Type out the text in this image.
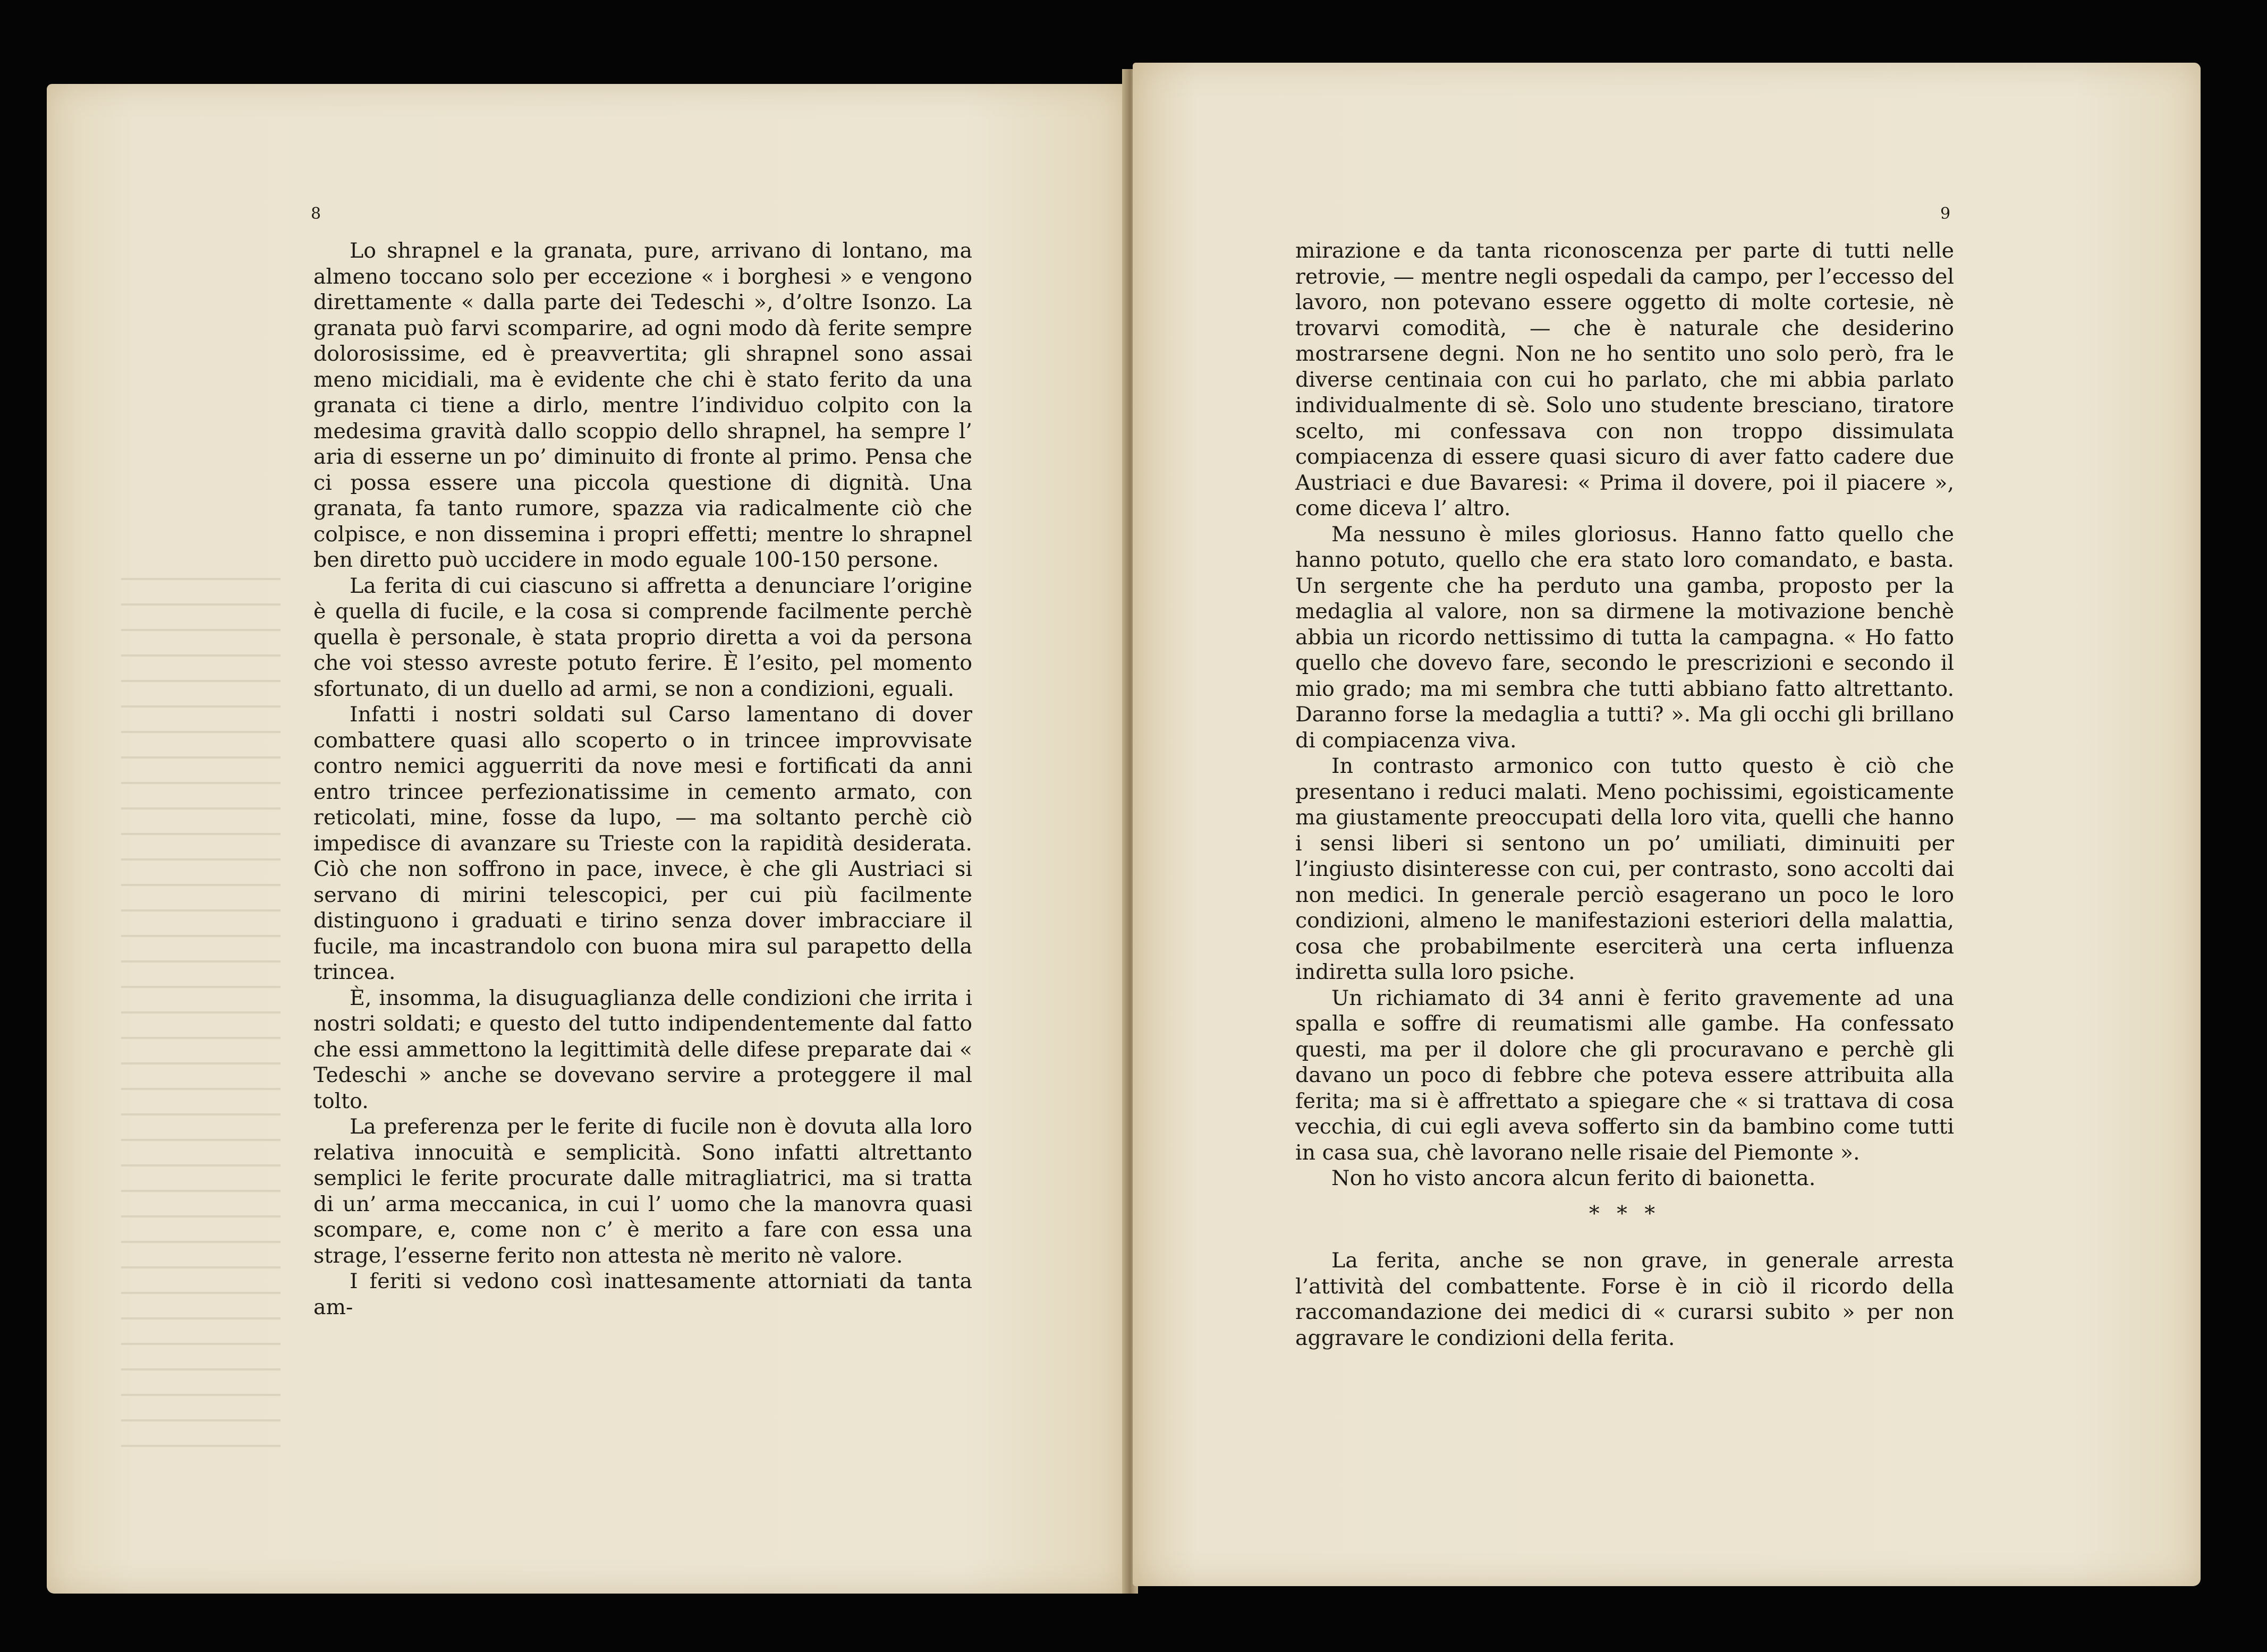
8	9

Lo shrapnel e la granata, pure, arrivano di lontano, ma almeno toccano solo per eccezione « i borghesi » e vengono direttamente « dalla parte dei Tedeschi », d’oltre Isonzo. La granata può farvi scomparire, ad ogni modo dà ferite sempre dolorosissime, ed è preavvertita; gli shrapnel sono assai meno micidiali, ma è evidente che chi è stato ferito da una granata ci tiene a dirlo, mentre l’individuo colpito con la medesima gravità dallo scoppio dello shrapnel, ha sempre l’ aria di esserne un po’ diminuito di fronte al primo. Pensa che ci possa essere una piccola questione di dignità. Una granata, fa tanto rumore, spazza via radicalmente ciò che colpisce, e non dissemina i propri effetti; mentre lo shrapnel ben diretto può uccidere in modo eguale 100-150 persone.

La ferita di cui ciascuno si affretta a denunciare l’origine è quella di fucile, e la cosa si comprende facilmente perchè quella è personale, è stata proprio diretta a voi da persona che voi stesso avreste potuto ferire. È l’esito, pel momento sfortunato, di un duello ad armi, se non a condizioni, eguali.

Infatti i nostri soldati sul Carso lamentano di dover combattere quasi allo scoperto o in trincee improvvisate contro nemici agguerriti da nove mesi e fortificati da anni entro trincee perfezionatissime in cemento armato, con reticolati, mine, fosse da lupo, — ma soltanto perchè ciò impedisce di avanzare su Trieste con la rapidità desiderata. Ciò che non soffrono in pace, invece, è che gli Austriaci si servano di mirini telescopici, per cui più facilmente distinguono i graduati e tirino senza dover imbracciare il fucile, ma incastrandolo con buona mira sul parapetto della trincea.

È, insomma, la disuguaglianza delle condizioni che irrita i nostri soldati; e questo del tutto indipendentemente dal fatto che essi ammettono la legittimità delle difese preparate dai « Tedeschi » anche se dovevano servire a proteggere il mal tolto.

La preferenza per le ferite di fucile non è dovuta alla loro relativa innocuità e semplicità. Sono infatti altrettanto semplici le ferite procurate dalle mitragliatrici, ma si tratta di un’ arma meccanica, in cui l’ uomo che la manovra quasi scompare, e, come non c’ è merito a fare con essa una strage, l’esserne ferito non attesta nè merito nè valore.

I feriti si vedono così inattesamente attorniati da tanta am-

mirazione e da tanta riconoscenza per parte di tutti nelle retrovie, — mentre negli ospedali da campo, per l’eccesso del lavoro, non potevano essere oggetto di molte cortesie, nè trovarvi comodità, — che è naturale che desiderino mostrarsene degni. Non ne ho sentito uno solo però, fra le diverse centinaia con cui ho parlato, che mi abbia parlato individualmente di sè. Solo uno studente bresciano, tiratore scelto, mi confessava con non troppo dissimulata compiacenza di essere quasi sicuro di aver fatto cadere due Austriaci e due Bavaresi: « Prima il dovere, poi il piacere », come diceva l’ altro.

Ma nessuno è miles gloriosus. Hanno fatto quello che hanno potuto, quello che era stato loro comandato, e basta. Un sergente che ha perduto una gamba, proposto per la medaglia al valore, non sa dirmene la motivazione benchè abbia un ricordo nettissimo di tutta la campagna. « Ho fatto quello che dovevo fare, secondo le prescrizioni e secondo il mio grado; ma mi sembra che tutti abbiano fatto altrettanto. Daranno forse la medaglia a tutti? ». Ma gli occhi gli brillano di compiacenza viva.

In contrasto armonico con tutto questo è ciò che presentano i reduci malati. Meno pochissimi, egoisticamente ma giustamente preoccupati della loro vita, quelli che hanno i sensi liberi si sentono un po’ umiliati, diminuiti per l’ingiusto disinteresse con cui, per contrasto, sono accolti dai non medici. In generale perciò esagerano un poco le loro condizioni, almeno le manifestazioni esteriori della malattia, cosa che probabilmente eserciterà una certa influenza indiretta sulla loro psiche.

Un richiamato di 34 anni è ferito gravemente ad una spalla e soffre di reumatismi alle gambe. Ha confessato questi, ma per il dolore che gli procuravano e perchè gli davano un poco di febbre che poteva essere attribuita alla ferita; ma si è affrettato a spiegare che « si trattava di cosa vecchia, di cui egli aveva sofferto sin da bambino come tutti in casa sua, chè lavorano nelle risaie del Piemonte ».

Non ho visto ancora alcun ferito di baionetta.

* * *

La ferita, anche se non grave, in generale arresta l’attività del combattente. Forse è in ciò il ricordo della raccomandazione dei medici di « curarsi subito » per non aggravare le condizioni della ferita.
